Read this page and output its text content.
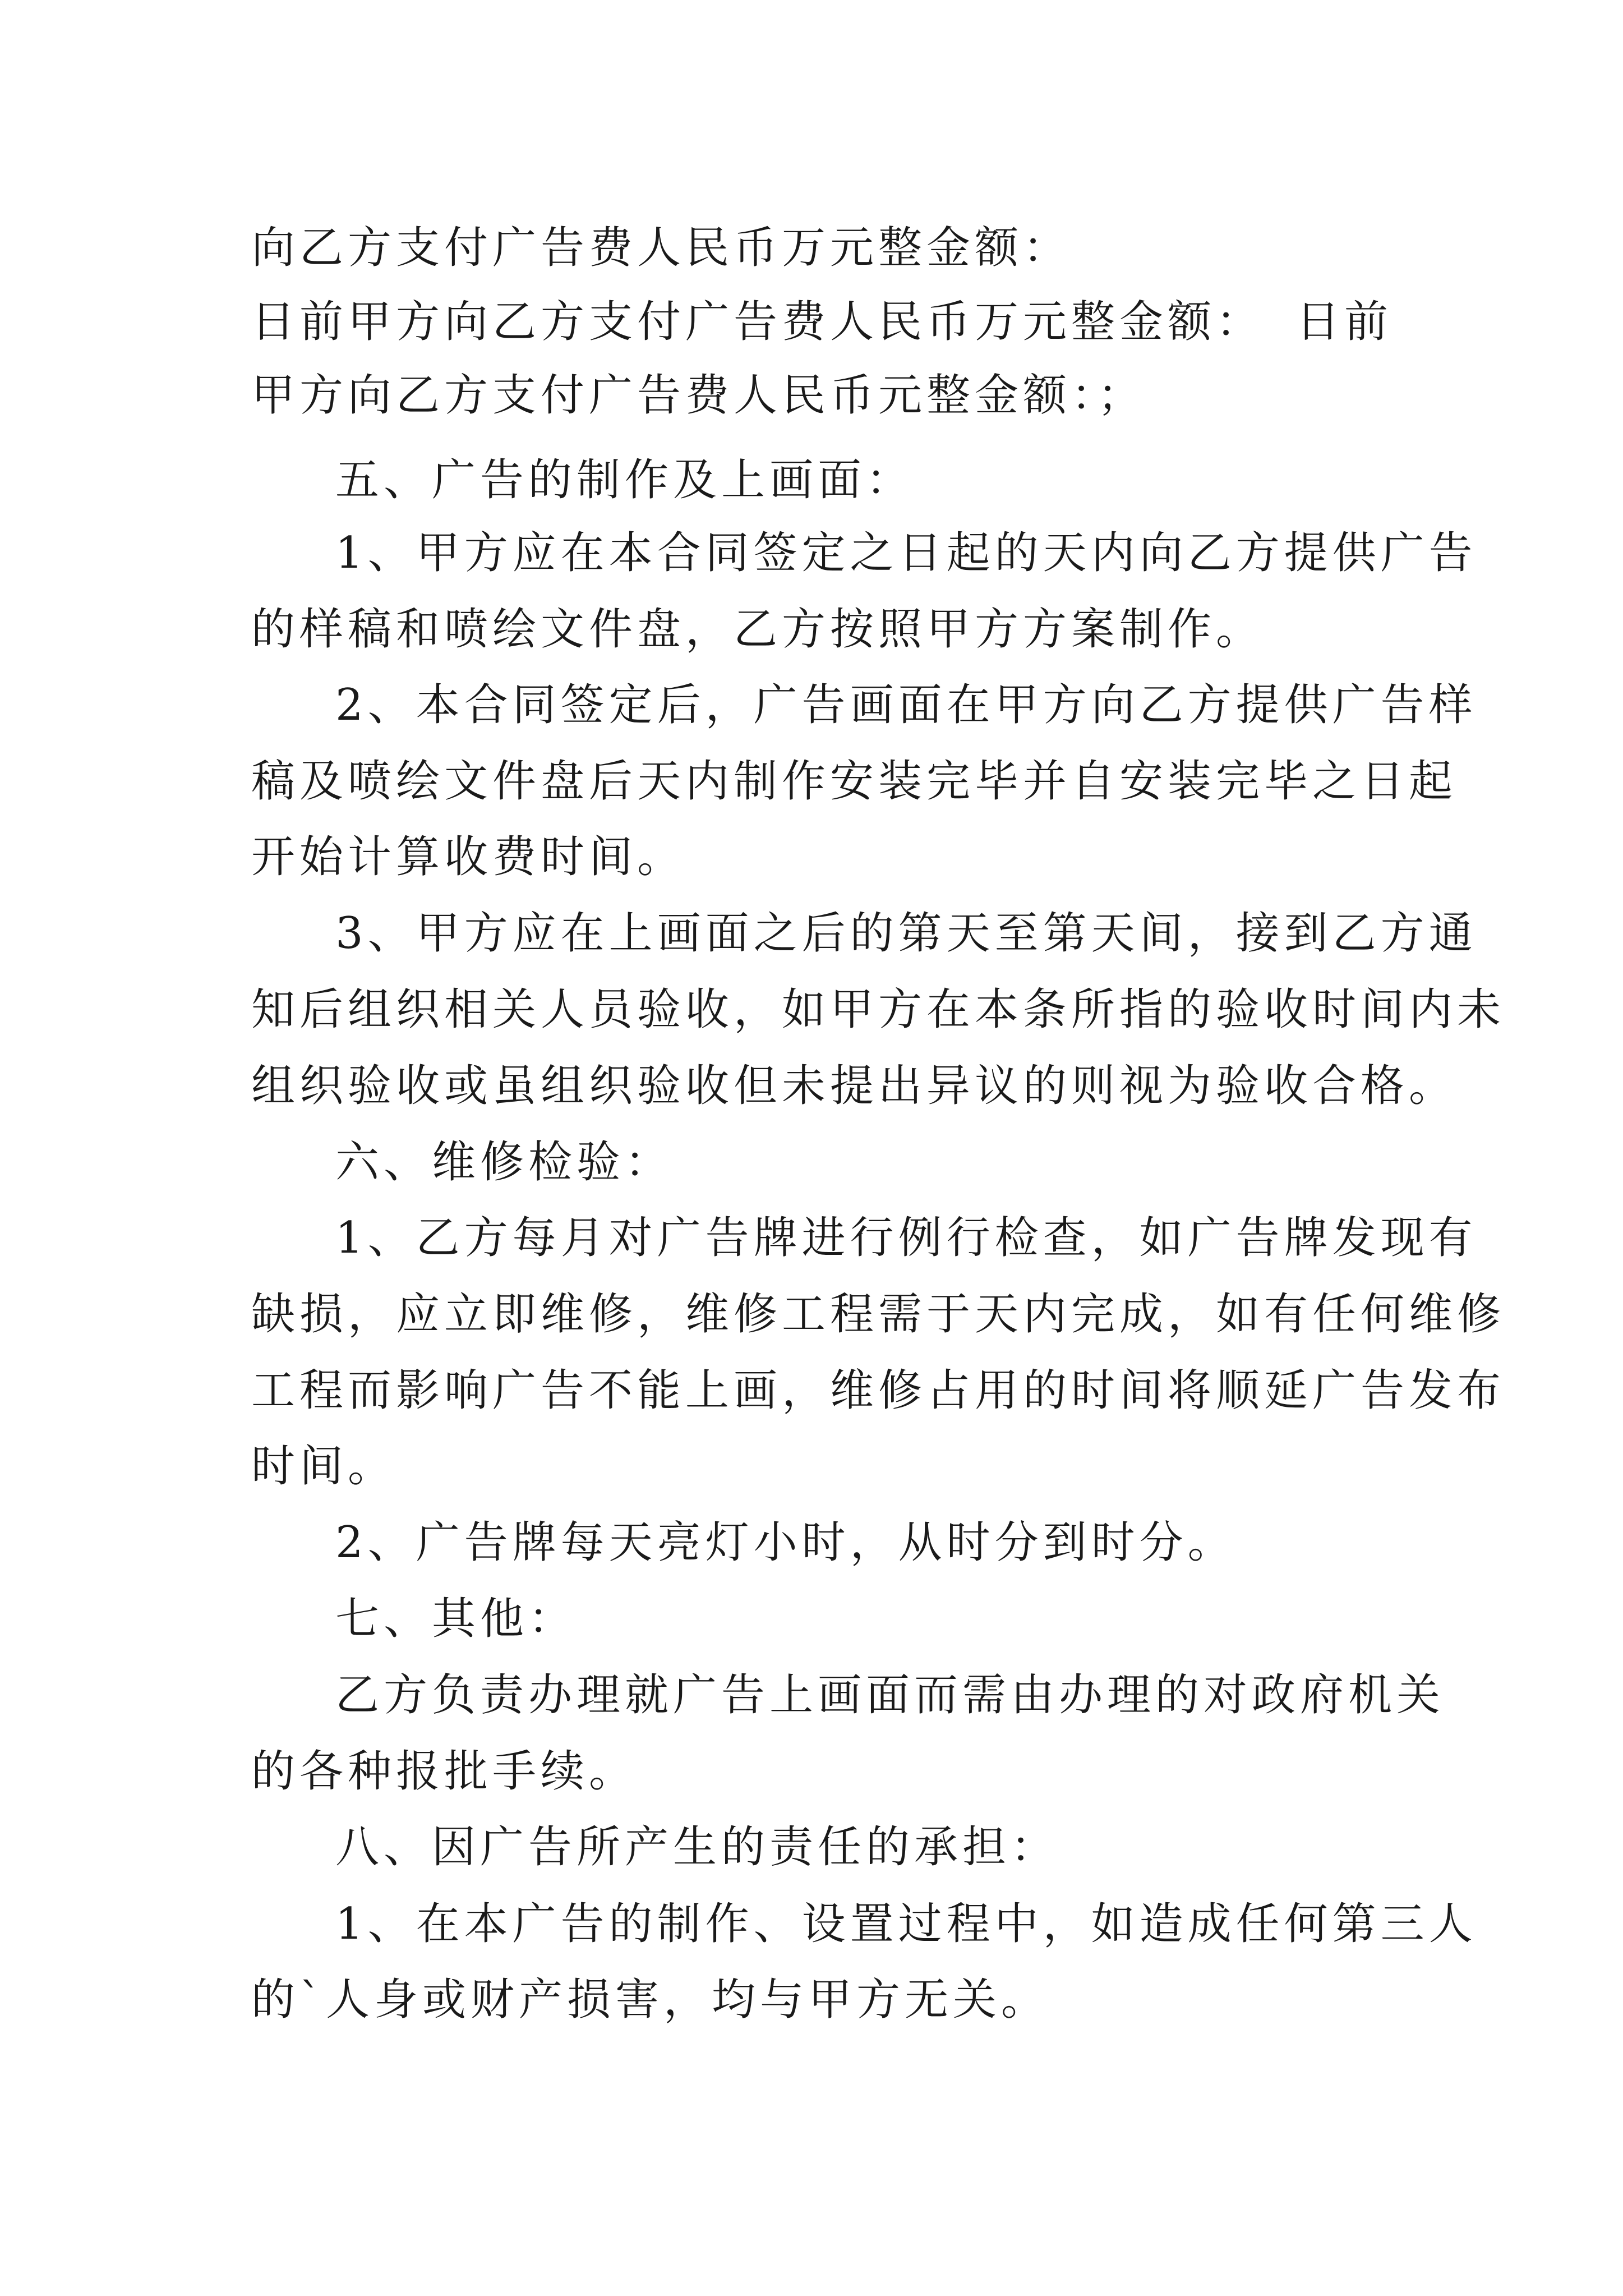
向乙方支付广告费人民币万元整金额：
日前甲方向乙方支付广告费人民币万元整金额： 日前
甲方向乙方支付广告费人民币元整金额：；
五、广告的制作及上画面：
1、甲方应在本合同签定之日起的天内向乙方提供广告
的样稿和喷绘文件盘，乙方按照甲方方案制作。
2、本合同签定后，广告画面在甲方向乙方提供广告样
稿及喷绘文件盘后天内制作安装完毕并自安装完毕之日起
开始计算收费时间。
3、甲方应在上画面之后的第天至第天间，接到乙方通
知后组织相关人员验收，如甲方在本条所指的验收时间内未
组织验收或虽组织验收但未提出异议的则视为验收合格。
六、维修检验：
1、乙方每月对广告牌进行例行检查，如广告牌发现有
缺损，应立即维修，维修工程需于天内完成，如有任何维修
工程而影响广告不能上画，维修占用的时间将顺延广告发布
时间。
2、广告牌每天亮灯小时，从时分到时分。
七、其他：
乙方负责办理就广告上画面而需由办理的对政府机关
的各种报批手续。
八、因广告所产生的责任的承担：
1、在本广告的制作、设置过程中，如造成任何第三人
的`人身或财产损害，均与甲方无关。
